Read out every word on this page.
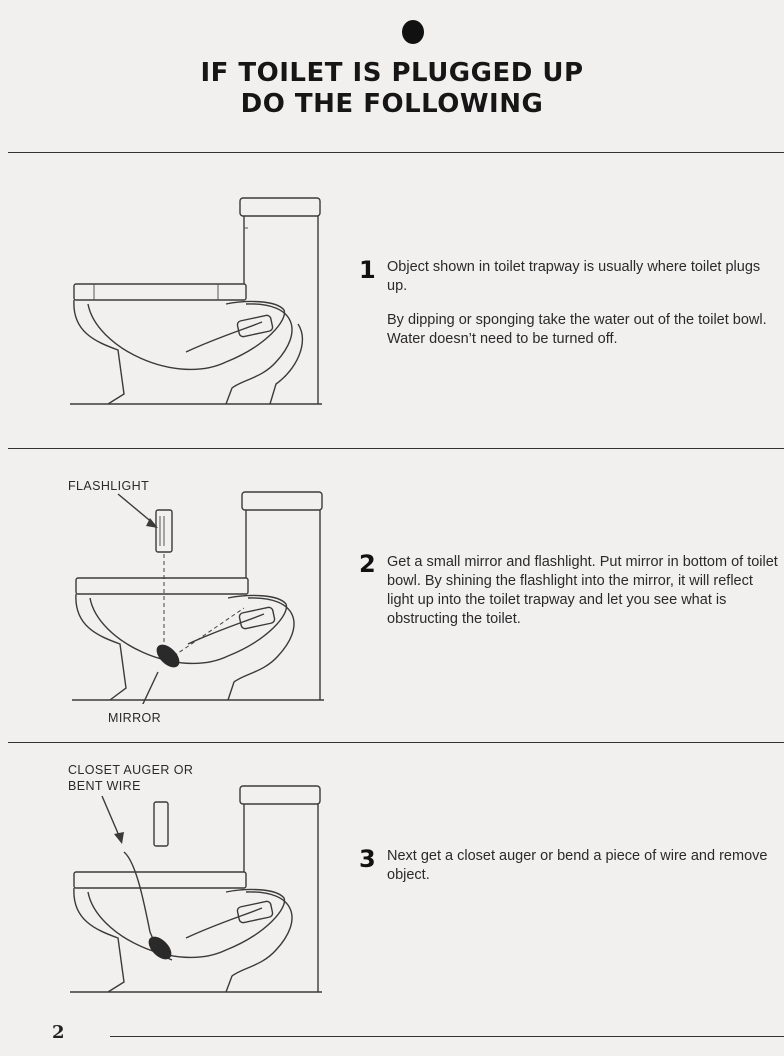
IF TOILET IS PLUGGED UP
DO THE FOLLOWING
1 Object shown in toilet trapway is usually where toilet plugs up.

By dipping or sponging take the water out of the toilet bowl. Water doesn’t need to be turned off.

FLASHLIGHT
MIRROR
2 Get a small mirror and flashlight. Put mirror in bottom of toilet bowl. By shining the flashlight into the mirror, it will reflect light up into the toilet trapway and let you see what is obstructing the toilet.

CLOSET AUGER OR
BENT WIRE
3 Next get a closet auger or bend a piece of wire and remove object.

2
